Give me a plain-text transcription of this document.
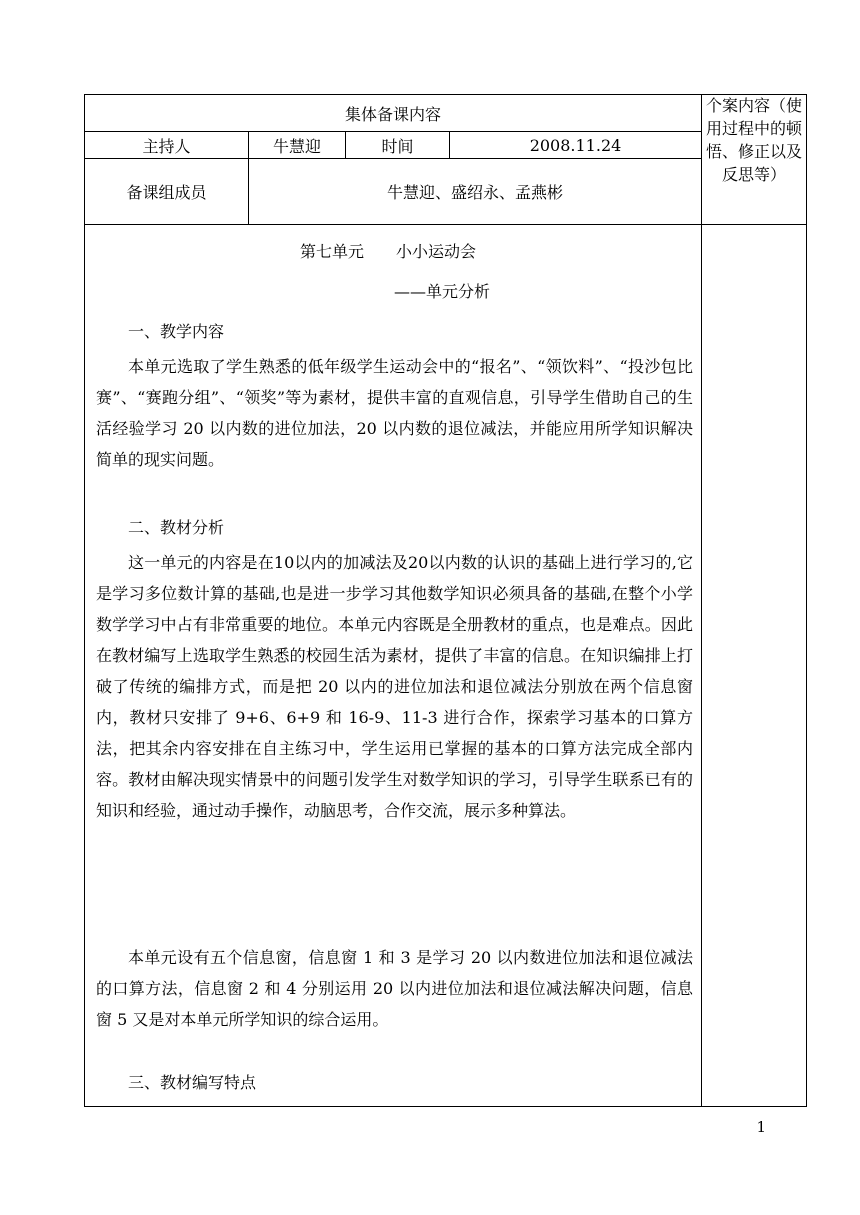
集体备课内容
主持人	牛慧迎	时间	2008.11.24
备课组成员	牛慧迎、盛绍永、孟燕彬
个案内容（使用过程中的顿悟、修正以及反思等）
第七单元　　小小运动会
——单元分析
一、教学内容

本单元选取了学生熟悉的低年级学生运动会中的“报名”、“领饮料”、“投沙包比赛”、“赛跑分组”、“领奖”等为素材，提供丰富的直观信息，引导学生借助自己的生活经验学习 20 以内数的进位加法，20 以内数的退位减法，并能应用所学知识解决简单的现实问题。

二、教材分析

这一单元的内容是在10以内的加减法及20以内数的认识的基础上进行学习的,它是学习多位数计算的基础,也是进一步学习其他数学知识必须具备的基础,在整个小学数学学习中占有非常重要的地位。本单元内容既是全册教材的重点，也是难点。因此在教材编写上选取学生熟悉的校园生活为素材，提供了丰富的信息。在知识编排上打破了传统的编排方式，而是把 20 以内的进位加法和退位减法分别放在两个信息窗内，教材只安排了 9+6、6+9 和 16-9、11-3 进行合作，探索学习基本的口算方法，把其余内容安排在自主练习中，学生运用已掌握的基本的口算方法完成全部内容。教材由解决现实情景中的问题引发学生对数学知识的学习，引导学生联系已有的知识和经验，通过动手操作，动脑思考，合作交流，展示多种算法。

本单元设有五个信息窗，信息窗 1 和 3 是学习 20 以内数进位加法和退位减法的口算方法，信息窗 2 和 4 分别运用 20 以内进位加法和退位减法解决问题，信息窗 5 又是对本单元所学知识的综合运用。

三、教材编写特点
1
